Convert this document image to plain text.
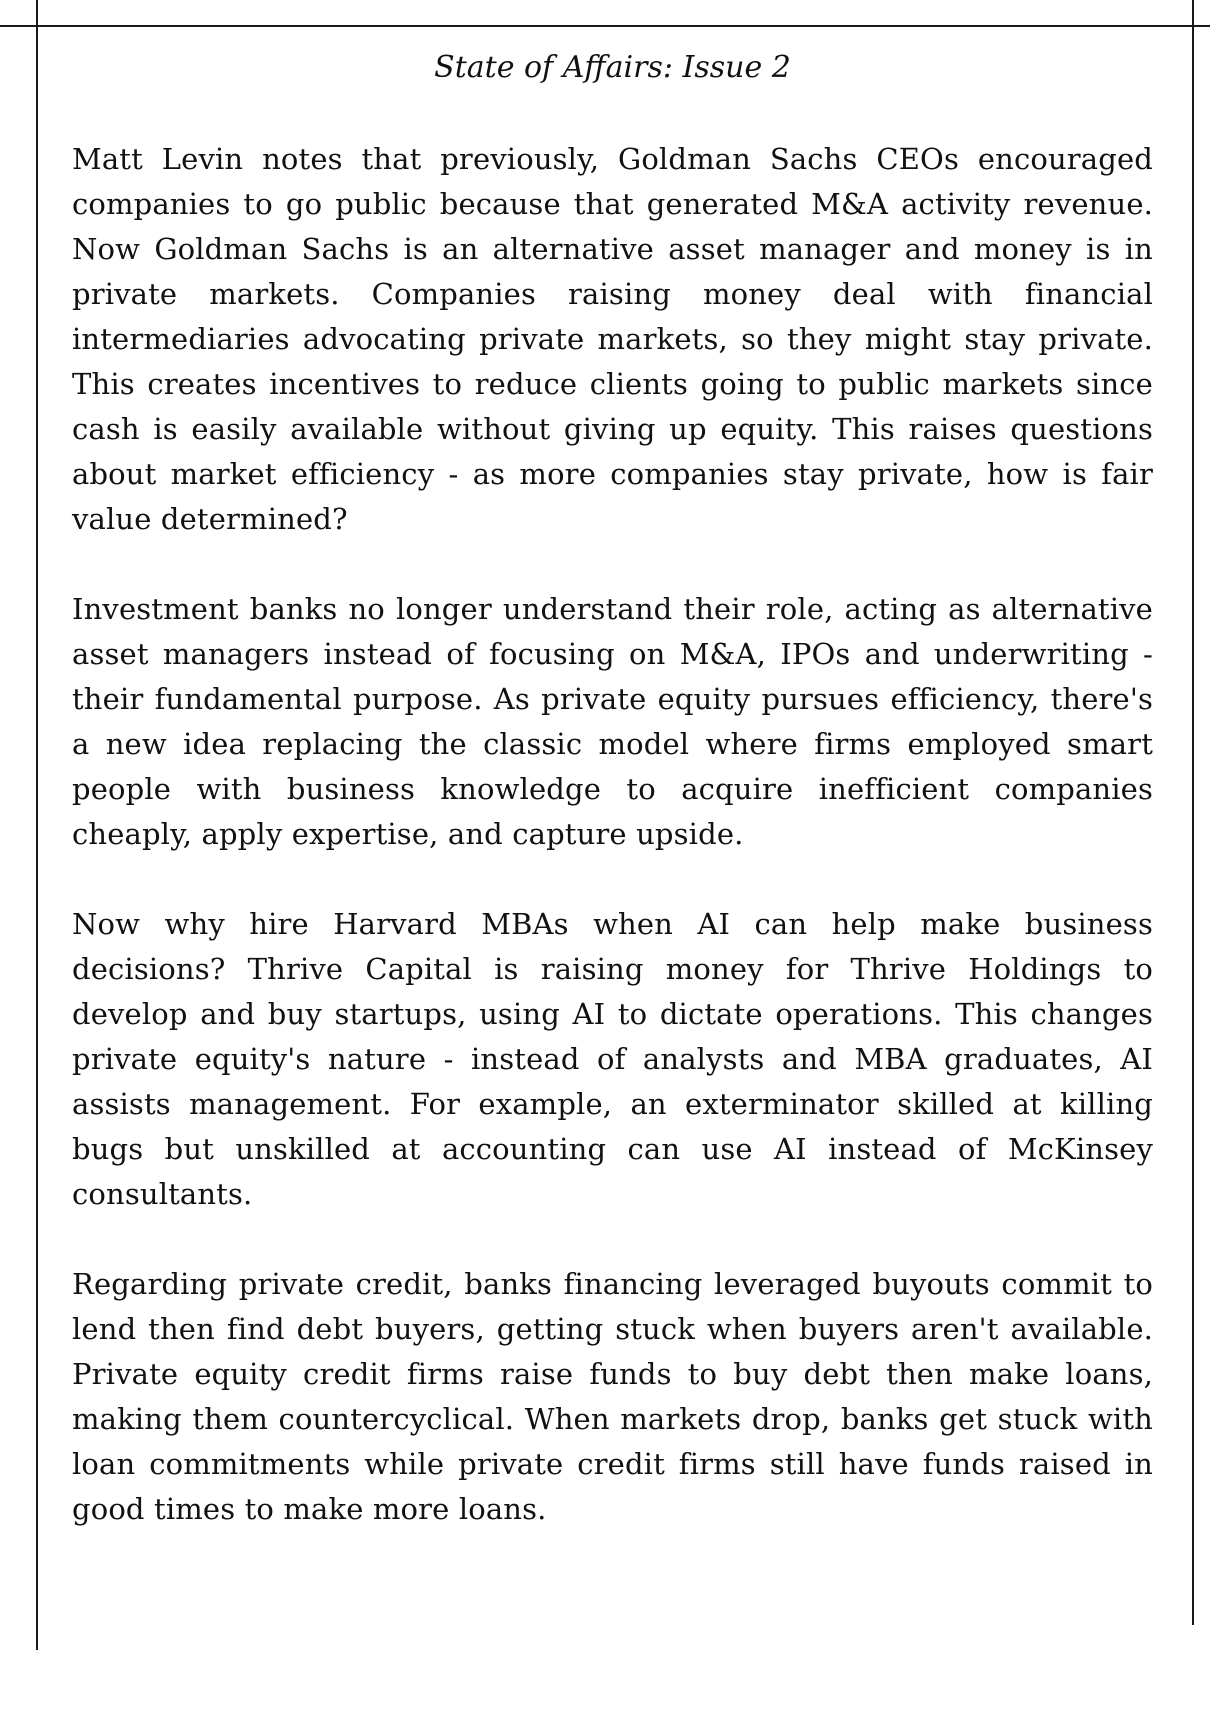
State of Affairs: Issue 2

Matt Levin notes that previously, Goldman Sachs CEOs encouraged companies to go public because that generated M&A activity revenue. Now Goldman Sachs is an alternative asset manager and money is in private markets. Companies raising money deal with financial intermediaries advocating private markets, so they might stay private. This creates incentives to reduce clients going to public markets since cash is easily available without giving up equity. This raises questions about market efficiency - as more companies stay private, how is fair value determined?

Investment banks no longer understand their role, acting as alternative asset managers instead of focusing on M&A, IPOs and underwriting - their fundamental purpose. As private equity pursues efficiency, there's a new idea replacing the classic model where firms employed smart people with business knowledge to acquire inefficient companies cheaply, apply expertise, and capture upside.

Now why hire Harvard MBAs when AI can help make business decisions? Thrive Capital is raising money for Thrive Holdings to develop and buy startups, using AI to dictate operations. This changes private equity's nature - instead of analysts and MBA graduates, AI assists management. For example, an exterminator skilled at killing bugs but unskilled at accounting can use AI instead of McKinsey consultants.

Regarding private credit, banks financing leveraged buyouts commit to lend then find debt buyers, getting stuck when buyers aren't available. Private equity credit firms raise funds to buy debt then make loans, making them countercyclical. When markets drop, banks get stuck with loan commitments while private credit firms still have funds raised in good times to make more loans.
